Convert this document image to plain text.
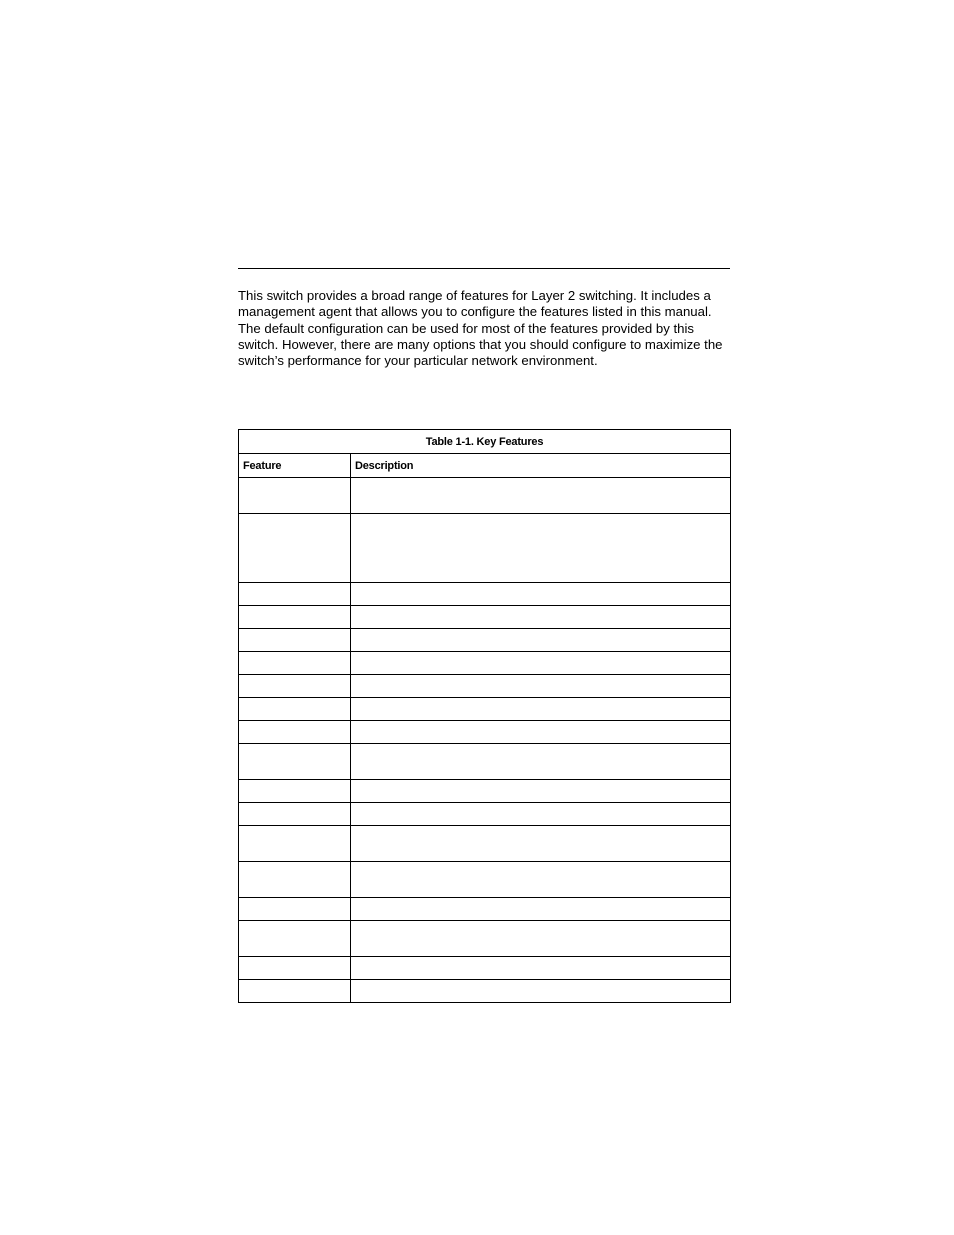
This switch provides a broad range of features for Layer 2 switching. It includes a management agent that allows you to configure the features listed in this manual. The default configuration can be used for most of the features provided by this switch. However, there are many options that you should configure to maximize the switch’s performance for your particular network environment.

Table 1-1. Key Features	
Feature	Description
